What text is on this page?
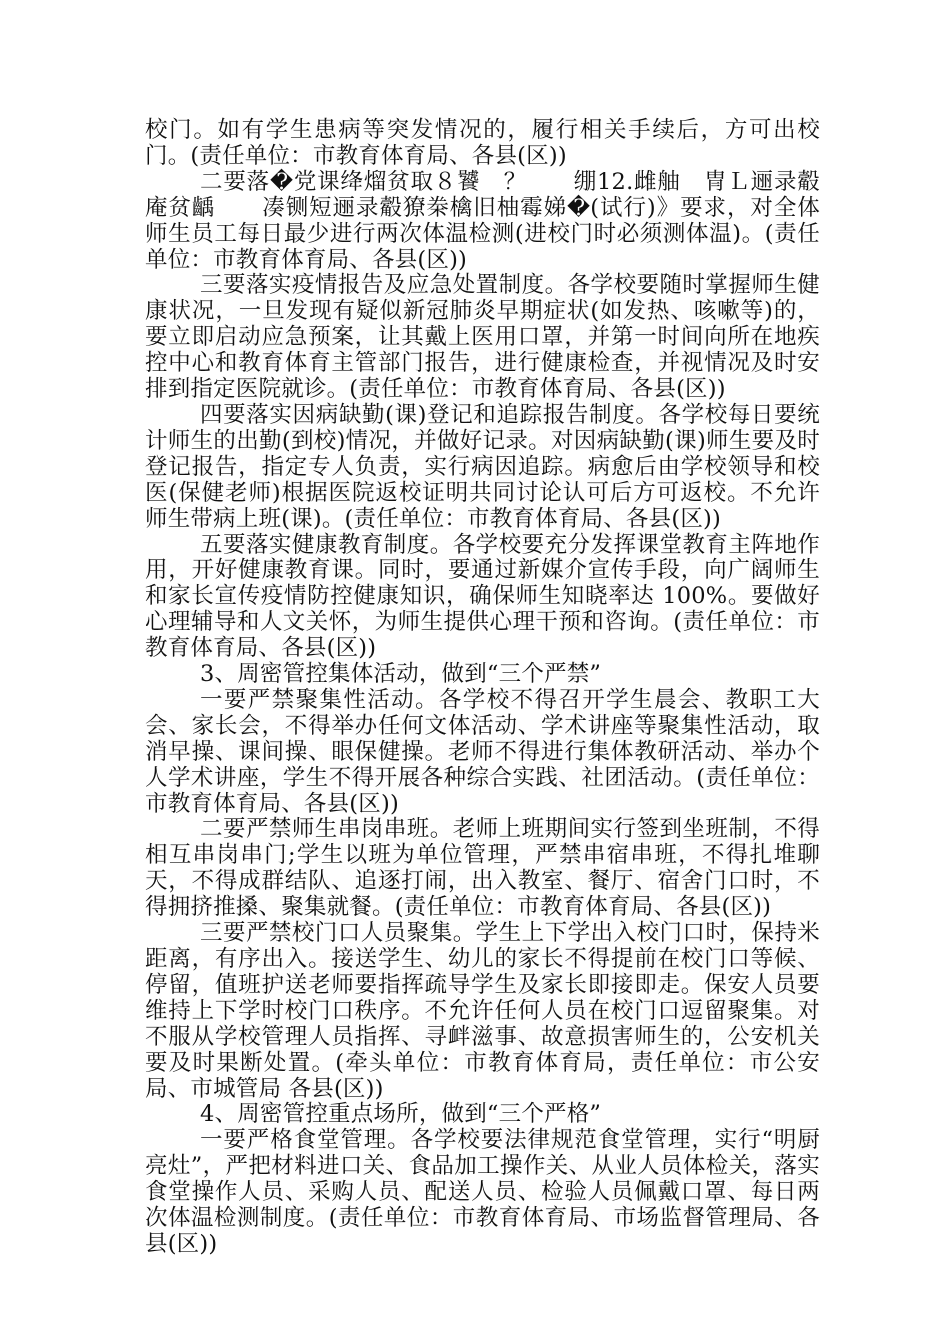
校门。如有学生患病等突发情况的，履行相关手续后，方可出校门。(责任单位：市教育体育局、各县(区))

二要落�党课绛熘贫取８饕　？　　绷12.雌舳　冑Ｌ逦录觳庵贫齲　　凑铡短逦录觳獠桊檎旧柚霉娣�(试行)》要求，对全体师生员工每日最少进行两次体温检测(进校门时必须测体温)。(责任单位：市教育体育局、各县(区))

三要落实疫情报告及应急处置制度。各学校要随时掌握师生健康状况，一旦发现有疑似新冠肺炎早期症状(如发热、咳嗽等)的，要立即启动应急预案，让其戴上医用口罩，并第一时间向所在地疾控中心和教育体育主管部门报告，进行健康检查，并视情况及时安排到指定医院就诊。(责任单位：市教育体育局、各县(区))

四要落实因病缺勤(课)登记和追踪报告制度。各学校每日要统计师生的出勤(到校)情况，并做好记录。对因病缺勤(课)师生要及时登记报告，指定专人负责，实行病因追踪。病愈后由学校领导和校医(保健老师)根据医院返校证明共同讨论认可后方可返校。不允许师生带病上班(课)。(责任单位：市教育体育局、各县(区))

五要落实健康教育制度。各学校要充分发挥课堂教育主阵地作用，开好健康教育课。同时，要通过新媒介宣传手段，向广阔师生和家长宣传疫情防控健康知识，确保师生知晓率达 100%。要做好心理辅导和人文关怀，为师生提供心理干预和咨询。(责任单位：市教育体育局、各县(区))

3、周密管控集体活动，做到“三个严禁”

一要严禁聚集性活动。各学校不得召开学生晨会、教职工大会、家长会，不得举办任何文体活动、学术讲座等聚集性活动，取消早操、课间操、眼保健操。老师不得进行集体教研活动、举办个人学术讲座，学生不得开展各种综合实践、社团活动。(责任单位：市教育体育局、各县(区))

二要严禁师生串岗串班。老师上班期间实行签到坐班制，不得相互串岗串门;学生以班为单位管理，严禁串宿串班，不得扎堆聊天，不得成群结队、追逐打闹，出入教室、餐厅、宿舍门口时，不得拥挤推搡、聚集就餐。(责任单位：市教育体育局、各县(区))

三要严禁校门口人员聚集。学生上下学出入校门口时，保持米距离，有序出入。接送学生、幼儿的家长不得提前在校门口等候、停留，值班护送老师要指挥疏导学生及家长即接即走。保安人员要维持上下学时校门口秩序。不允许任何人员在校门口逗留聚集。对不服从学校管理人员指挥、寻衅滋事、故意损害师生的，公安机关要及时果断处置。(牵头单位：市教育体育局，责任单位：市公安局、市城管局 各县(区))

4、周密管控重点场所，做到“三个严格”

一要严格食堂管理。各学校要法律规范食堂管理，实行“明厨亮灶”，严把材料进口关、食品加工操作关、从业人员体检关，落实食堂操作人员、采购人员、配送人员、检验人员佩戴口罩、每日两次体温检测制度。(责任单位：市教育体育局、市场监督管理局、各县(区))
